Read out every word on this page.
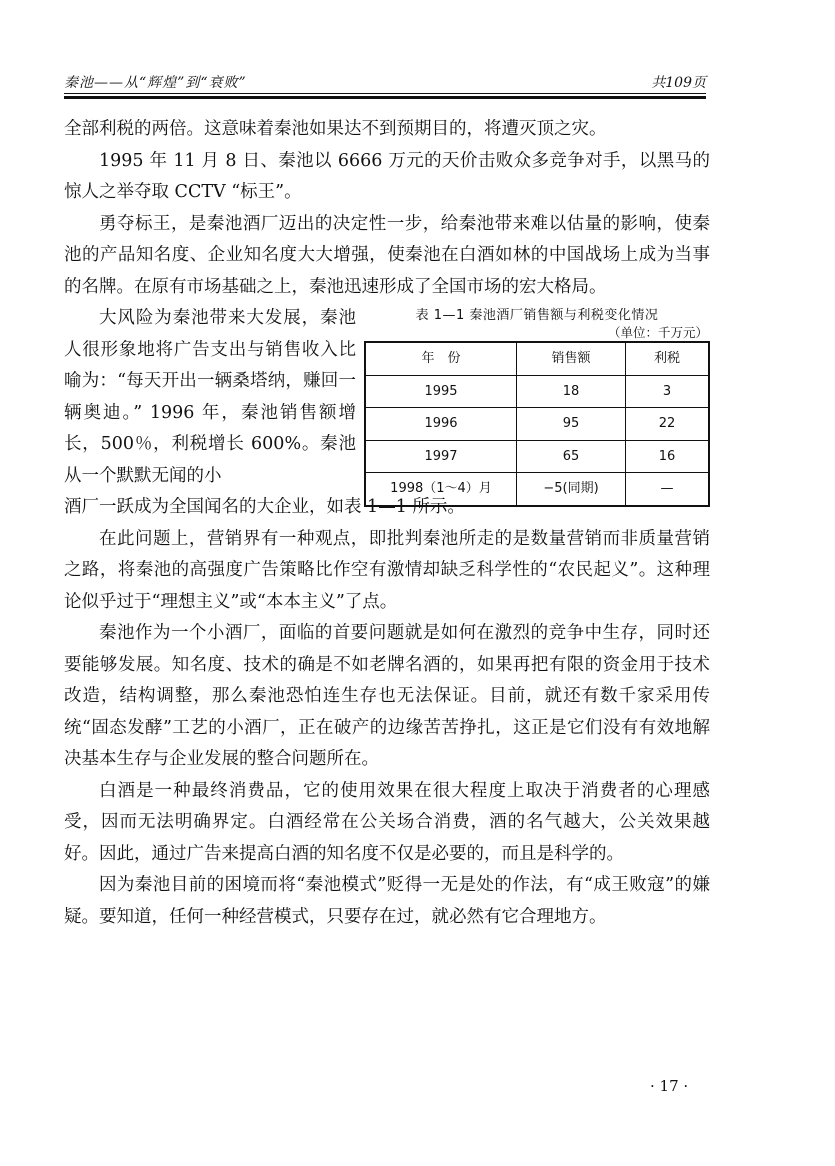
秦池——从“辉煌”到“衰败”	共109页

全部利税的两倍。这意味着秦池如果达不到预期目的，将遭灭顶之灾。

1995 年 11 月 8 日、秦池以 6666 万元的天价击败众多竞争对手，以黑马的惊人之举夺取 CCTV “标王”。

勇夺标王，是秦池酒厂迈出的决定性一步，给秦池带来难以估量的影响，使秦池的产品知名度、企业知名度大大增强，使秦池在白酒如林的中国战场上成为当事的名牌。在原有市场基础之上，秦池迅速形成了全国市场的宏大格局。

大风险为秦池带来大发展，秦池人很形象地将广告支出与销售收入比喻为：“每天开出一辆桑塔纳，赚回一辆奥迪。” 1996 年，秦池销售额增长，500％，利税增长 600%。秦池从一个默默无闻的小

表 1—1 秦池酒厂销售额与利税变化情况
（单位：千万元）
年　份	销售额	利税
1995	18	3
1996	95	22
1997	65	16
1998（1～4）月	−5(同期)	—

酒厂一跃成为全国闻名的大企业，如表 1—1 所示。

在此问题上，营销界有一种观点，即批判秦池所走的是数量营销而非质量营销之路，将秦池的高强度广告策略比作空有激情却缺乏科学性的“农民起义”。这种理论似乎过于“理想主义”或“本本主义”了点。

秦池作为一个小酒厂，面临的首要问题就是如何在激烈的竞争中生存，同时还要能够发展。知名度、技术的确是不如老牌名酒的，如果再把有限的资金用于技术改造，结构调整，那么秦池恐怕连生存也无法保证。目前，就还有数千家采用传统“固态发酵”工艺的小酒厂，正在破产的边缘苦苦挣扎，这正是它们没有有效地解决基本生存与企业发展的整合问题所在。

白酒是一种最终消费品，它的使用效果在很大程度上取决于消费者的心理感受，因而无法明确界定。白酒经常在公关场合消费，酒的名气越大，公关效果越好。因此，通过广告来提高白酒的知名度不仅是必要的，而且是科学的。

因为秦池目前的困境而将“秦池模式”贬得一无是处的作法，有“成王败寇”的嫌疑。要知道，任何一种经营模式，只要存在过，就必然有它合理地方。

· 17 ·
